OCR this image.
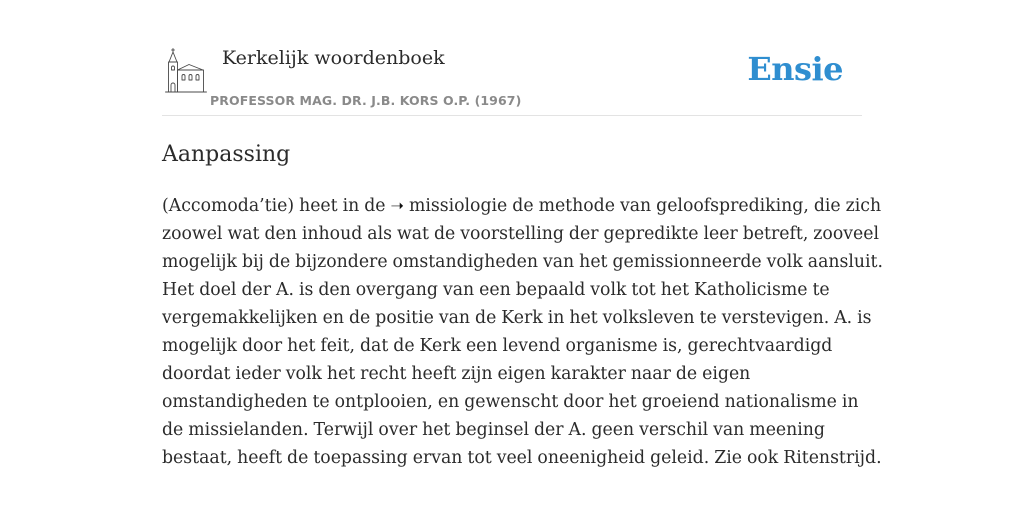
Kerkelijk woordenboek
PROFESSOR MAG. DR. J.B. KORS O.P. (1967)
Ensie
Aanpassing
(Accomoda’tie) heet in de ➝ missiologie de methode van geloofsprediking, die zich
zoowel wat den inhoud als wat de voorstelling der gepredikte leer betreft, zooveel
mogelijk bij de bijzondere omstandigheden van het gemissionneerde volk aansluit.
Het doel der A. is den overgang van een bepaald volk tot het Katholicisme te
vergemakkelijken en de positie van de Kerk in het volksleven te verstevigen. A. is
mogelijk door het feit, dat de Kerk een levend organisme is, gerechtvaardigd
doordat ieder volk het recht heeft zijn eigen karakter naar de eigen
omstandigheden te ontplooien, en gewenscht door het groeiend nationalisme in
de missielanden. Terwijl over het beginsel der A. geen verschil van meening
bestaat, heeft de toepassing ervan tot veel oneenigheid geleid. Zie ook Ritenstrijd.
